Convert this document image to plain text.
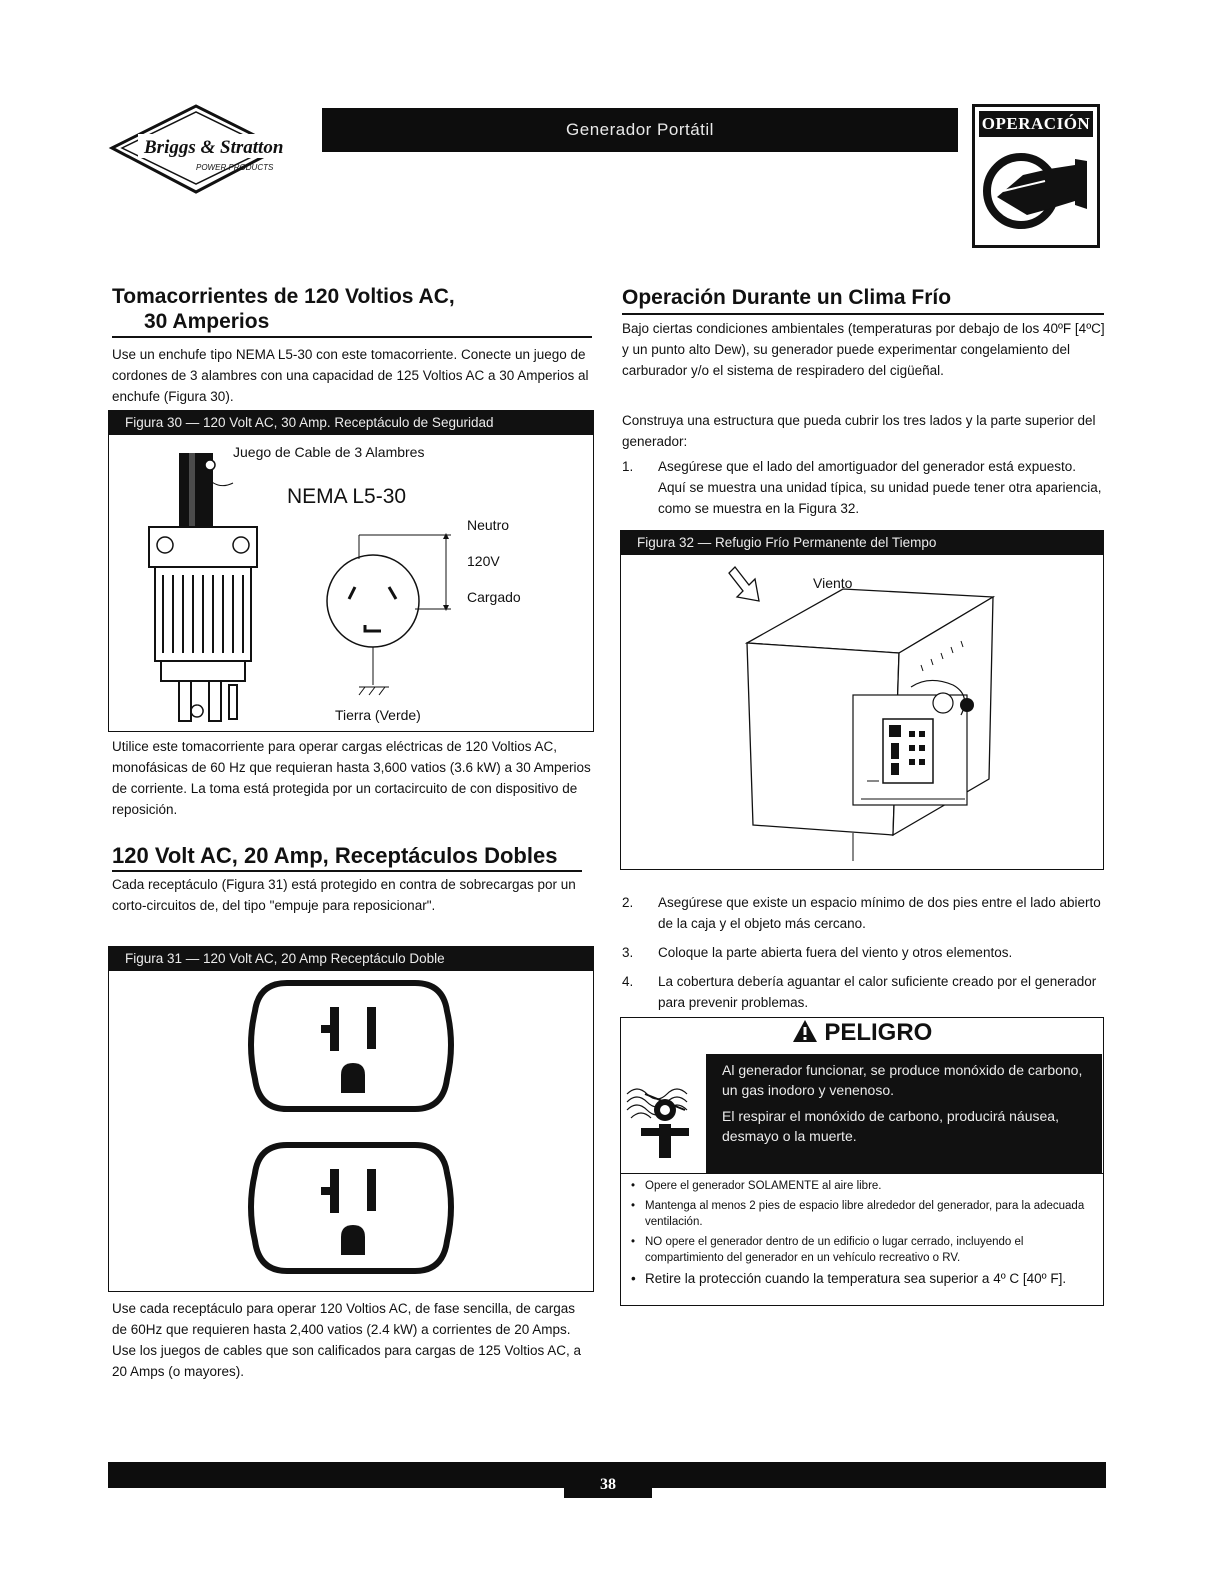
Briggs & Stratton
POWER PRODUCTS
Generador Portátil	OPERACIÓN
Tomacorrientes de 120 Voltios AC,
30 Amperios

Use un enchufe tipo NEMA L5-30 con este tomacorriente. Conecte un juego de cordones de 3 alambres con una capacidad de 125 Voltios AC a 30 Amperios al enchufe (Figura 30).

Figura 30 — 120 Volt AC, 30 Amp. Receptáculo de Seguridad
Juego de Cable de 3 Alambres
NEMA L5-30
Neutro
120V
Cargado
Tierra (Verde)

Utilice este tomacorriente para operar cargas eléctricas de 120 Voltios AC, monofásicas de 60 Hz que requieran hasta 3,600 vatios (3.6 kW) a 30 Amperios de corriente. La toma está protegida por un cortacircuito de con dispositivo de reposición.

120 Volt AC, 20 Amp, Receptáculos Dobles

Cada receptáculo (Figura 31) está protegido en contra de sobrecargas por un corto-circuitos de, del tipo "empuje para reposicionar".

Figura 31 — 120 Volt AC, 20 Amp Receptáculo Doble

Use cada receptáculo para operar 120 Voltios AC, de fase sencilla, de cargas de 60Hz que requieren hasta 2,400 vatios (2.4 kW) a corrientes de 20 Amps. Use los juegos de cables que son calificados para cargas de 125 Voltios AC, a 20 Amps (o mayores).

Operación Durante un Clima Frío

Bajo ciertas condiciones ambientales (temperaturas por debajo de los 40ºF [4ºC] y un punto alto Dew), su generador puede experimentar congelamiento del carburador y/o el sistema de respiradero del cigüeñal.

Construya una estructura que pueda cubrir los tres lados y la parte superior del generador:

1. Asegúrese que el lado del amortiguador del generador está expuesto. Aquí se muestra una unidad típica, su unidad puede tener otra apariencia, como se muestra en la Figura 32.
Figura 32 — Refugio Frío Permanente del Tiempo
Viento
2. Asegúrese que existe un espacio mínimo de dos pies entre el lado abierto de la caja y el objeto más cercano.
3. Coloque la parte abierta fuera del viento y otros elementos.
4. La cobertura debería aguantar el calor suficiente creado por el generador para prevenir problemas.
PELIGRO

Al generador funcionar, se produce monóxido de carbono, un gas inodoro y venenoso.

El respirar el monóxido de carbono, producirá náusea, desmayo o la muerte.

• Opere el generador SOLAMENTE al aire libre.
• Mantenga al menos 2 pies de espacio libre alrededor del generador, para la adecuada ventilación.
• NO opere el generador dentro de un edificio o lugar cerrado, incluyendo el compartimiento del generador en un vehículo recreativo o RV.
• Retire la protección cuando la temperatura sea superior a 4º C [40º F].
38
